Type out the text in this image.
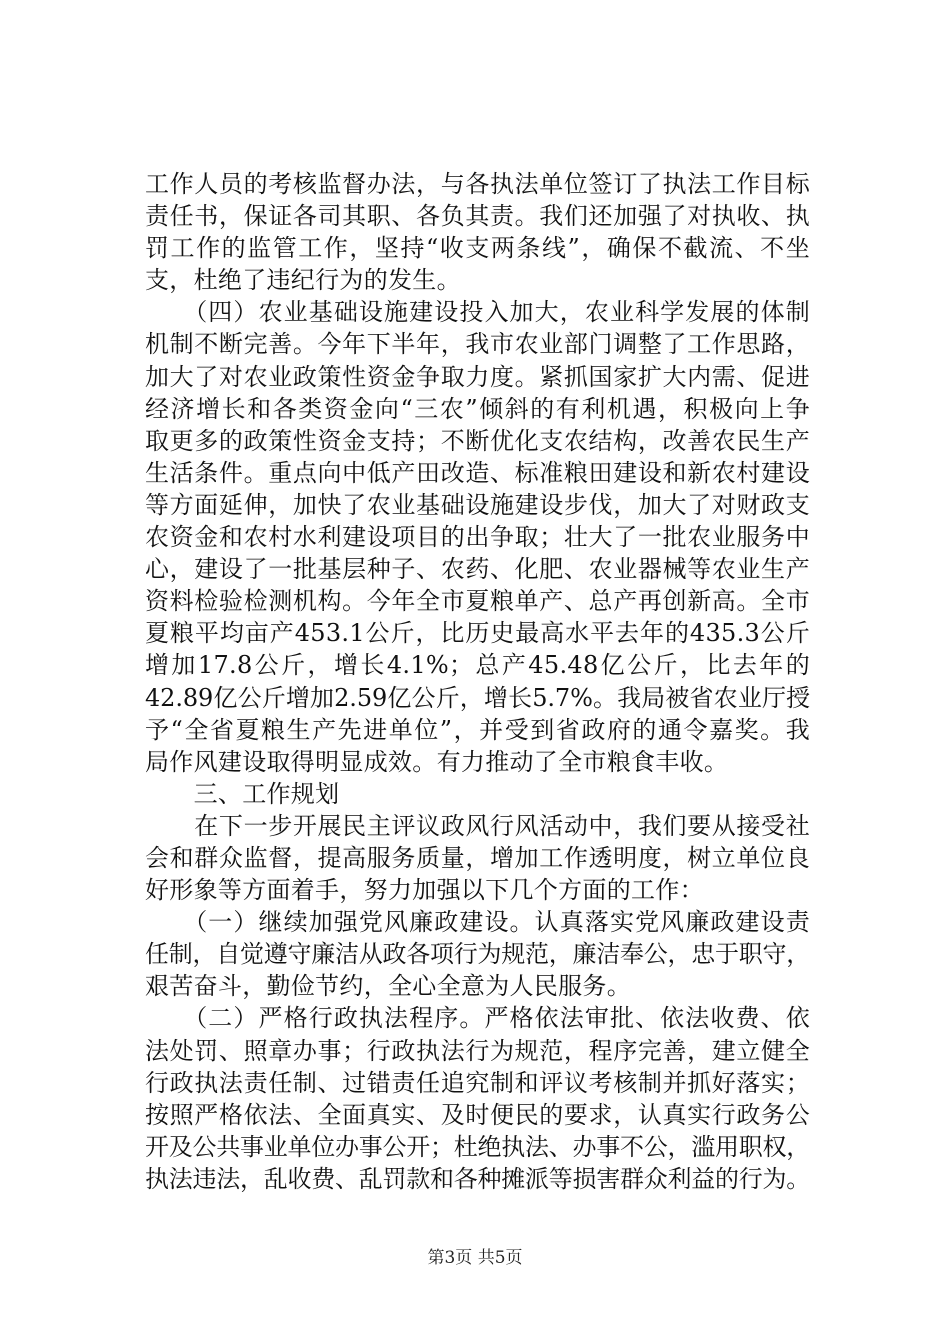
工作人员的考核监督办法，与各执法单位签订了执法工作目标
责任书，保证各司其职、各负其责。我们还加强了对执收、执
罚工作的监管工作，坚持“收支两条线”，确保不截流、不坐
支，杜绝了违纪行为的发生。
　　（四）农业基础设施建设投入加大，农业科学发展的体制
机制不断完善。今年下半年，我市农业部门调整了工作思路，
加大了对农业政策性资金争取力度。紧抓国家扩大内需、促进
经济增长和各类资金向“三农”倾斜的有利机遇，积极向上争
取更多的政策性资金支持；不断优化支农结构，改善农民生产
生活条件。重点向中低产田改造、标准粮田建设和新农村建设
等方面延伸，加快了农业基础设施建设步伐，加大了对财政支
农资金和农村水利建设项目的出争取；壮大了一批农业服务中
心，建设了一批基层种子、农药、化肥、农业器械等农业生产
资料检验检测机构。今年全市夏粮单产、总产再创新高。全市
夏粮平均亩产453.1公斤，比历史最高水平去年的435.3公斤
增加17.8公斤，增长4.1%；总产45.48亿公斤，比去年的
42.89亿公斤增加2.59亿公斤，增长5.7%。我局被省农业厅授
予“全省夏粮生产先进单位”，并受到省政府的通令嘉奖。我
局作风建设取得明显成效。有力推动了全市粮食丰收。
　　三、工作规划
　　在下一步开展民主评议政风行风活动中，我们要从接受社
会和群众监督，提高服务质量，增加工作透明度，树立单位良
好形象等方面着手，努力加强以下几个方面的工作：
　　（一）继续加强党风廉政建设。认真落实党风廉政建设责
任制，自觉遵守廉洁从政各项行为规范，廉洁奉公，忠于职守，
艰苦奋斗，勤俭节约，全心全意为人民服务。
　　（二）严格行政执法程序。严格依法审批、依法收费、依
法处罚、照章办事；行政执法行为规范，程序完善，建立健全
行政执法责任制、过错责任追究制和评议考核制并抓好落实；
按照严格依法、全面真实、及时便民的要求，认真实行政务公
开及公共事业单位办事公开；杜绝执法、办事不公，滥用职权，
执法违法，乱收费、乱罚款和各种摊派等损害群众利益的行为。
第3页 共5页
